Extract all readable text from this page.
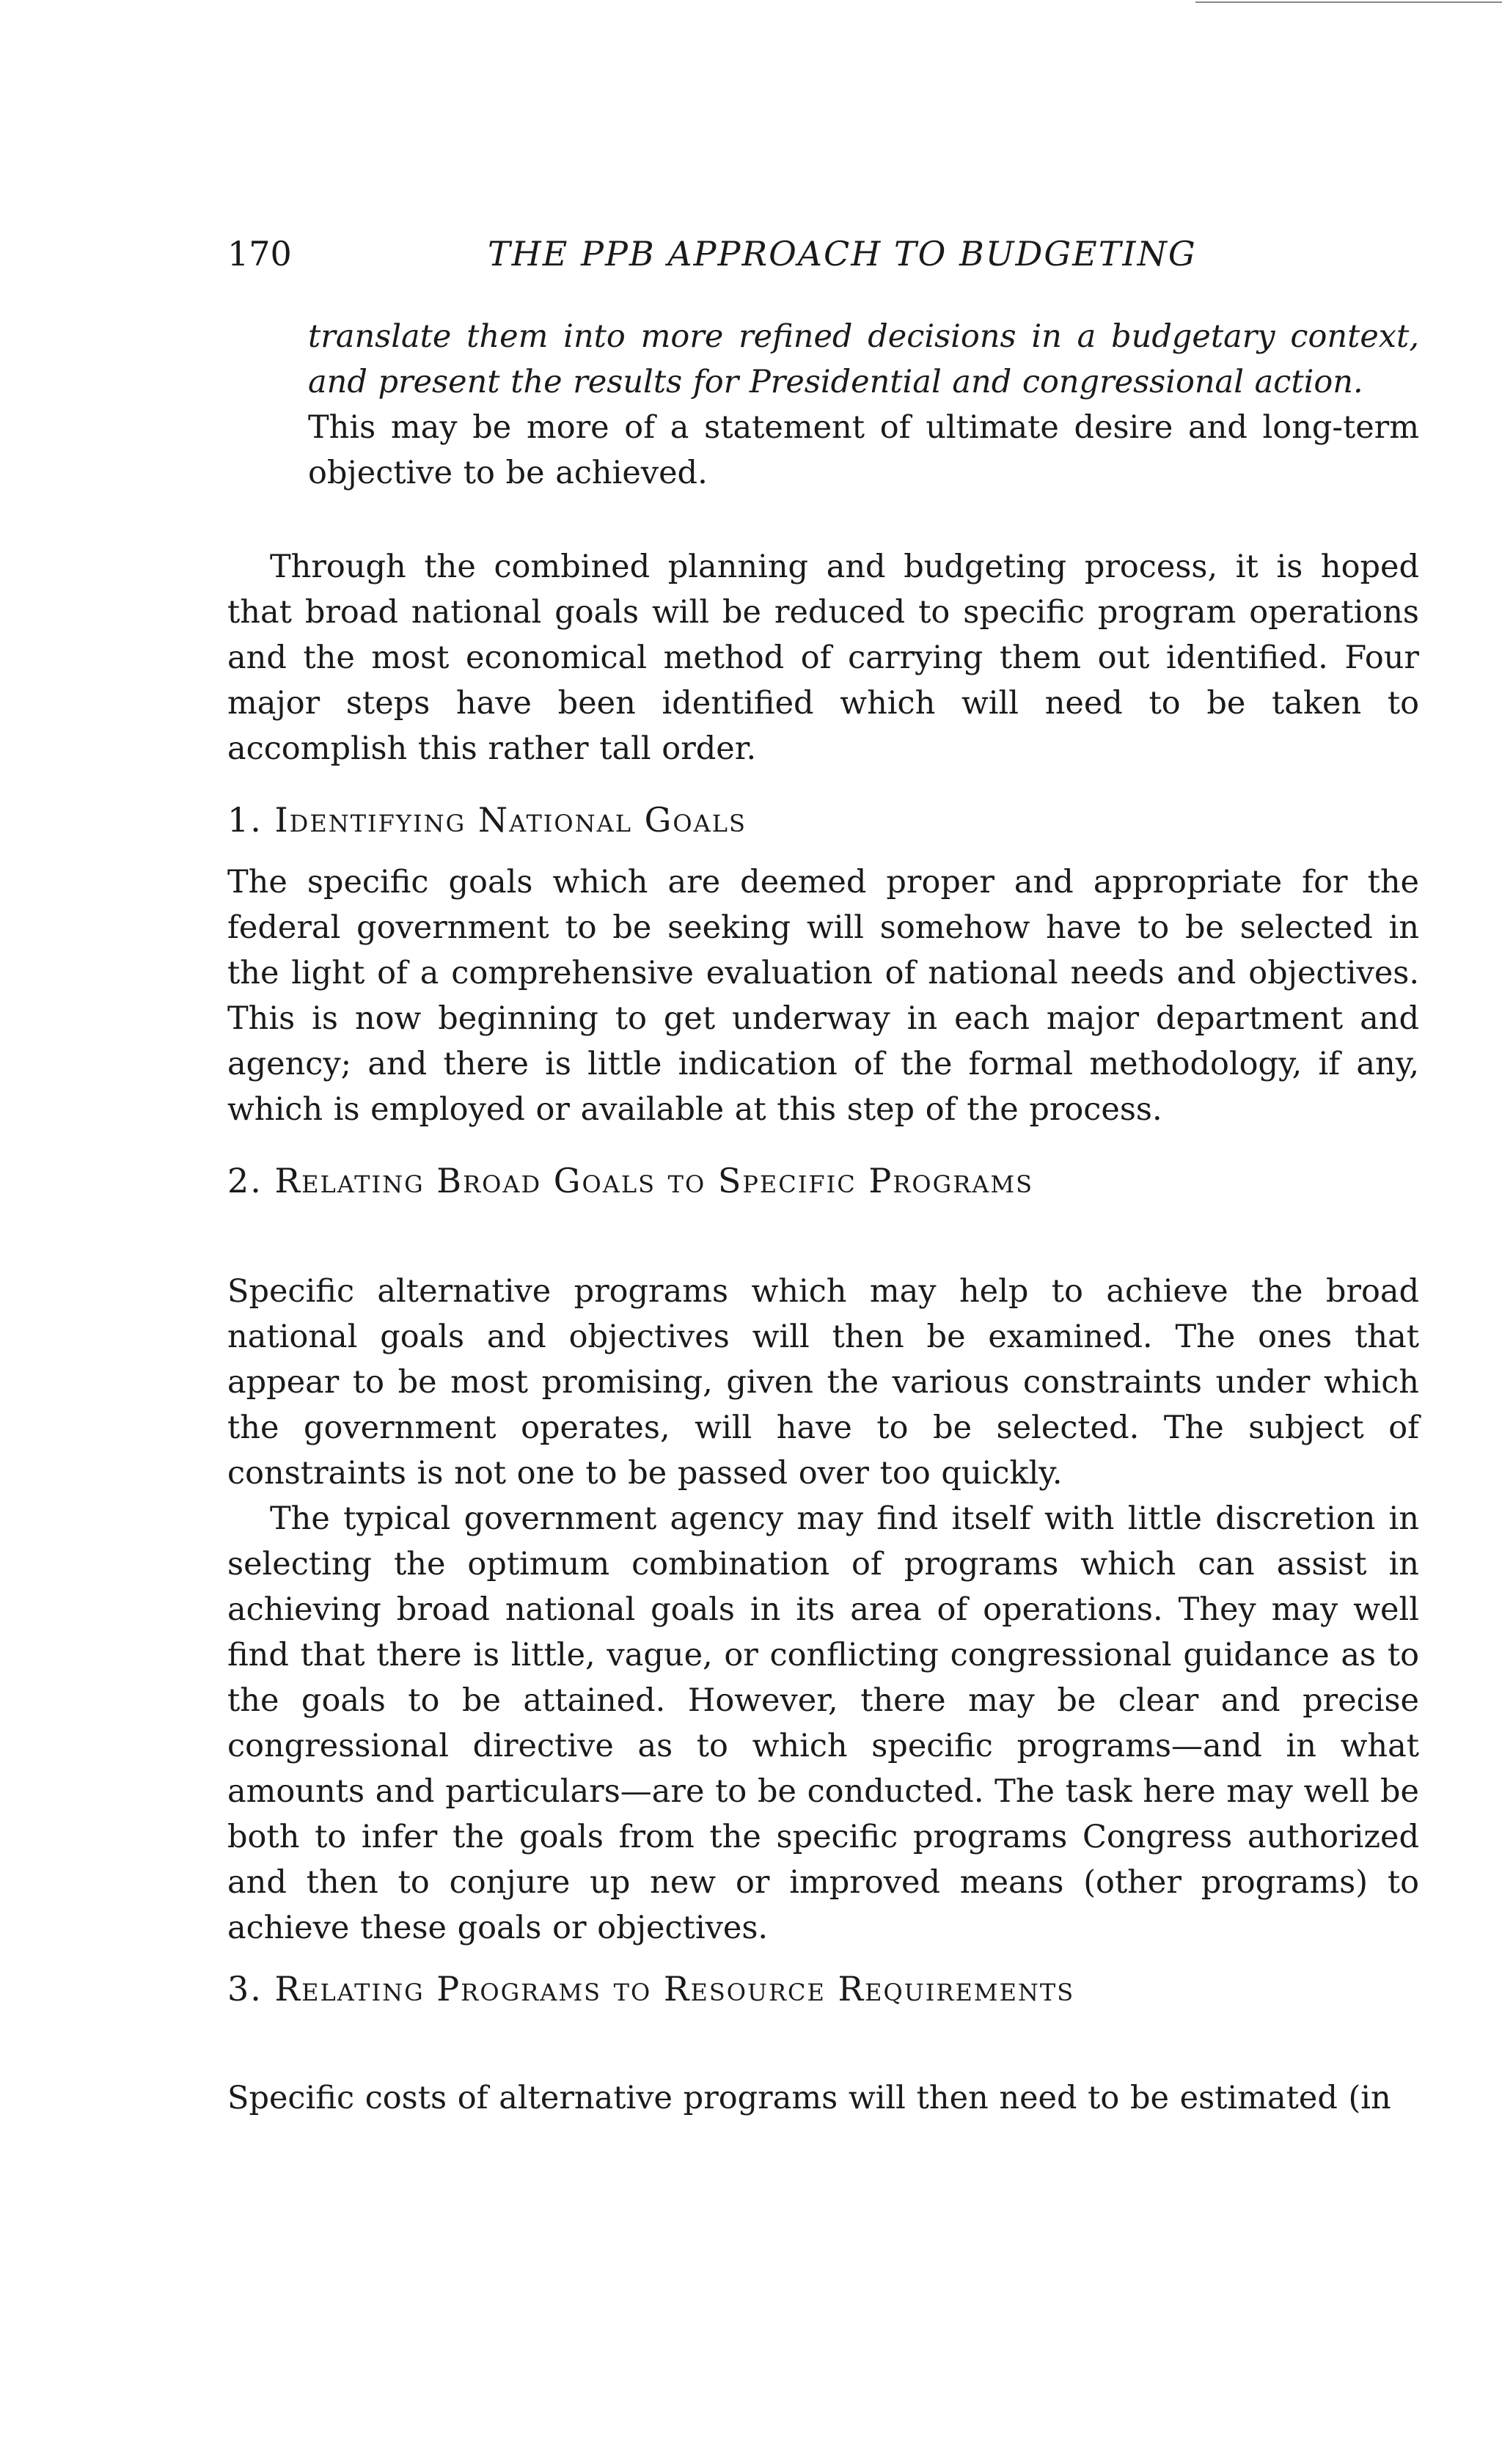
170	THE PPB APPROACH TO BUDGETING
translate them into more refined decisions in a budgetary context, and present the results for Presidential and congressional action.
This may be more of a statement of ultimate desire and long-term objective to be achieved.
Through the combined planning and budgeting process, it is hoped that broad national goals will be reduced to specific program operations and the most economical method of carrying them out identified. Four major steps have been identified which will need to be taken to accomplish this rather tall order.
1. Identifying National Goals
The specific goals which are deemed proper and appropriate for the federal government to be seeking will somehow have to be selected in the light of a comprehensive evaluation of national needs and objectives. This is now beginning to get underway in each major department and agency; and there is little indication of the formal methodology, if any, which is employed or available at this step of the process.
2. Relating Broad Goals to Specific Programs
Specific alternative programs which may help to achieve the broad national goals and objectives will then be examined. The ones that appear to be most promising, given the various constraints under which the government operates, will have to be selected. The subject of constraints is not one to be passed over too quickly.
The typical government agency may find itself with little discretion in selecting the optimum combination of programs which can assist in achieving broad national goals in its area of operations. They may well find that there is little, vague, or conflicting congressional guidance as to the goals to be attained. However, there may be clear and precise congressional directive as to which specific programs—and in what amounts and particulars—are to be conducted. The task here may well be both to infer the goals from the specific programs Congress authorized and then to conjure up new or improved means (other programs) to achieve these goals or objectives.
3. Relating Programs to Resource Requirements
Specific costs of alternative programs will then need to be estimated (in
